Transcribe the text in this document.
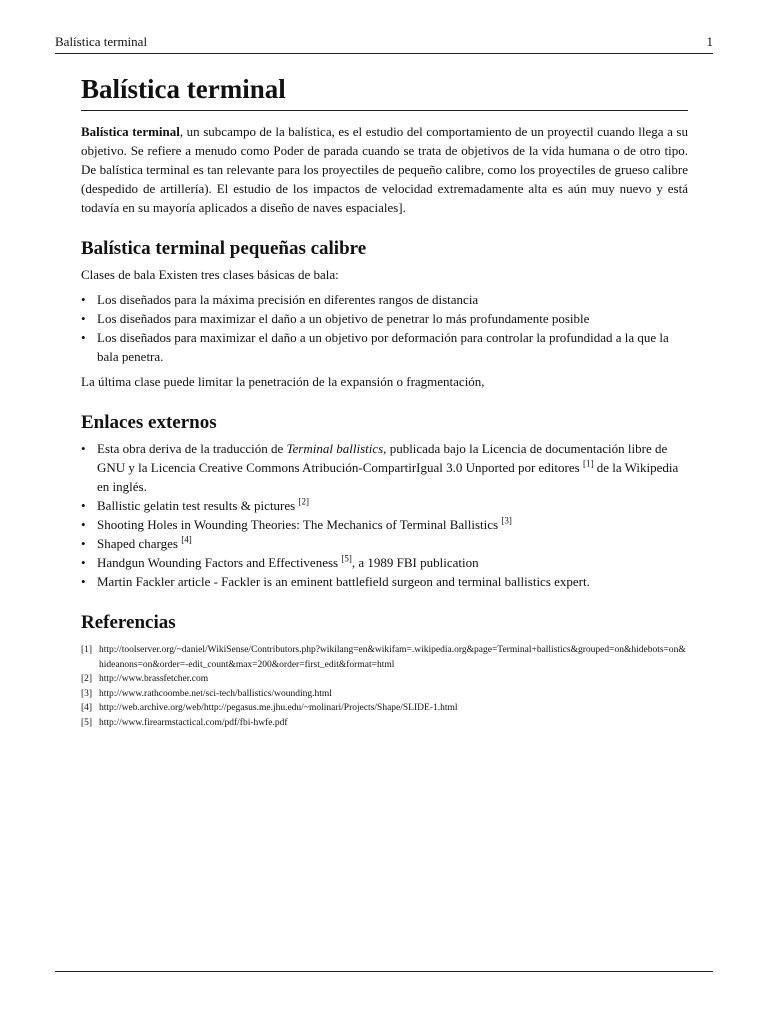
Balística terminal	1
Balística terminal

Balística terminal, un subcampo de la balística, es el estudio del comportamiento de un proyectil cuando llega a su objetivo. Se refiere a menudo como Poder de parada cuando se trata de objetivos de la vida humana o de otro tipo. De balística terminal es tan relevante para los proyectiles de pequeño calibre, como los proyectiles de grueso calibre (despedido de artillería). El estudio de los impactos de velocidad extremadamente alta es aún muy nuevo y está todavía en su mayoría aplicados a diseño de naves espaciales].

Balística terminal pequeñas calibre

Clases de bala Existen tres clases básicas de bala:

• Los diseñados para la máxima precisión en diferentes rangos de distancia
• Los diseñados para maximizar el daño a un objetivo de penetrar lo más profundamente posible
• Los diseñados para maximizar el daño a un objetivo por deformación para controlar la profundidad a la que la bala penetra.

La última clase puede limitar la penetración de la expansión o fragmentación,

Enlaces externos
• Esta obra deriva de la traducción de Terminal ballistics, publicada bajo la Licencia de documentación libre de GNU y la Licencia Creative Commons Atribución-CompartirIgual 3.0 Unported por editores [1] de la Wikipedia en inglés.
• Ballistic gelatin test results & pictures [2]
• Shooting Holes in Wounding Theories: The Mechanics of Terminal Ballistics [3]
• Shaped charges [4]
• Handgun Wounding Factors and Effectiveness [5], a 1989 FBI publication
• Martin Fackler article - Fackler is an eminent battlefield surgeon and terminal ballistics expert.
Referencias
[1] http://toolserver.org/~daniel/WikiSense/Contributors.php?wikilang=en&wikifam=.wikipedia.org&page=Terminal+ballistics&grouped=on&hidebots=on&hideanons=on&order=-edit_count&max=200&order=first_edit&format=html
[2] http://www.brassfetcher.com
[3] http://www.rathcoombe.net/sci-tech/ballistics/wounding.html
[4] http://web.archive.org/web/http://pegasus.me.jhu.edu/~molinari/Projects/Shape/SLIDE-1.html
[5] http://www.firearmstactical.com/pdf/fbi-hwfe.pdf
